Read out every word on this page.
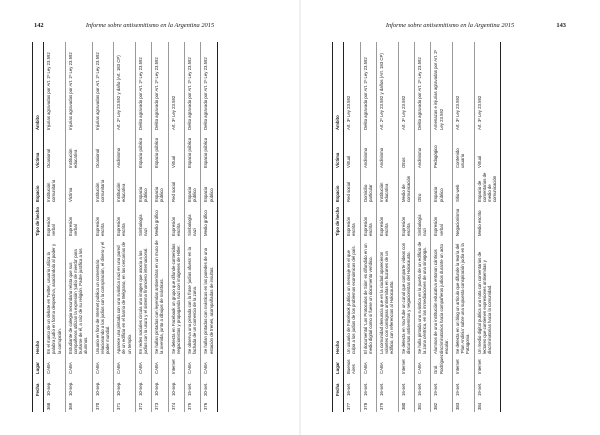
142	Informe sobre antisemitismo en la Argentina 2015
	Fecha	Lugar	Hecho	Tipo de hecho	Espacio	Víctima	Ámbito	
368	10-sep.	CABA	En el marco de un debate en Twitter, usuario utiliza la palabra judío en forma despectiva, asociándola al poder y la corrupción.	Expresión verbal	Institución comunitaria	Ocasional	Injurias agravadas por Art. 2º Ley 23.592	
369	10-sep.	CABA	Estudiante de colegio secundario relata que sus compañeros utilizan la expresión 'judío de mierda' para burlarse de él, a raíz de su religión. Padre justifica a los alumnos.	Expresión verbal	Víctima	Institución educativa	Injurias agravadas por Art. 2º Ley 23.592	
370	10-sep.	CABA	Usuario en foro de Internet publica un comentario relacionando a los judíos con la conspiración, el dinero y el poder mundial.	Expresión escrita	Institución comunitaria	Ocasional	Injurias agravadas por Art. 2º Ley 23.592	
371	10-sep.	CABA	Aparece una pintada con una svástica nazi en una pared de un edificio en el barrio de Belgrano, en las cercanías de un templo.	Expresión escrita	Institución educativa	Andinismo	Art. 2º Ley 23.592 y daño (Art. 183 CP)	
372	10-sep.	CABA	En redes sociales circula una imagen que asocia a los judíos con la usura y el sistema financiero internacional.	Simbología nazi	Espacio público	Espacio público	Delito agravado por Art. 2º Ley 23.592	
373	10-sep.	CABA	Se hallan pintadas con leyendas antisemitas en un muro de la avenida, junto a dibujos de svásticas.	Medio gráfico	Espacio público	Espacio público	Delito agravado por Art. 2º Ley 23.592	
374	10-sep.	Internet	Se detecta en Facebook un grupo que difunde contenidos negacionistas y propaganda nazi con imágenes de Hitler.	Expresión escrita	Red social	Virtual	Art. 3º Ley 23.592	
375	15-set.	CABA	Se observa una pintada con la frase 'judíos afuera' en la fachada de un comercio de la zona.	Simbología nazi	Espacio público	Espacio público	Delito agravado por Art. 2º Ley 23.592	
376	20-set.	CABA	Se hallan pintadas con svásticas en las paredes de una estación de trenes, acompañadas de insultos.	Medio gráfico	Espacio público	Espacio público	Delito agravado por Art. 2º Ley 23.592	
Informe sobre antisemitismo en la Argentina 2015	143
	Fecha	Lugar	Hecho	Tipo de hecho	Espacio	Víctima	Ámbito	
377	16-set.	Buenos Aires	Un usuario de Facebook publica un mensaje en el que culpa a los judíos de los problemas económicos del país.	Expresión escrita	Red social	Virtual	Art. 3º Ley 23.592	
378	16-set.	CABA	El documental 'Los Protocolos de Sión' es difundido en un medio digital como si fuese un documento verídico.	Expresión escrita	Domicilio particular	Andinismo	Delito agravado por Art. 2º Ley 23.592	
379	16-set.	CABA	La comunidad denuncia que en la ciudad aparecieron volantes con consignas antisemitas en buzones de un edificio, con referencias al Holocausto.	Expresión escrita	Institución educativa	Andinismo	Art. 2º Ley 23.592 y daños (Art. 183 CP)	
380	16-set.	Internet	Se detecta en YouTube un canal que comparte videos con discursos antisemitas y negacionistas del Holocausto.	Expresión escrita	Medio de comunicación	Otros	Art. 3º Ley 23.592	
381	16-set.	CABA	Se halla pintada una svástica en la puerta de un edificio de la zona céntrica, en las inmediaciones de una sinagoga.	Simbología nazi	Otro	Andinismo	Delito agravado por Art. 2º Ley 23.592	
382	19-set.	Gral. Rodríguez	Alumnos de una institución educativa entonan cánticos discriminatorios hacia compañeros judíos durante un acto escolar.	Expresión verbal	Espacio público	Pedagógico	Amenazas e injurias agravadas por Art. 2º Ley 23.592	
383	19-set.	Internet	Se detecta en un blog un artículo que difunde la teoría del 'Plan Andinia' sobre una supuesta conspiración judía en la Patagonia.	Negacionismo	Sitio web	Contenido usuario	Art. 3º Ley 23.592	
384	19-set.	Internet	Un medio digital publica una nota con comentarios de lectores que contienen expresiones antisemitas y discriminatorias hacia la comunidad.	Medio escrito	Espacio de comentarios de medio de comunicación	Virtual	Art. 3º Ley 23.592	
